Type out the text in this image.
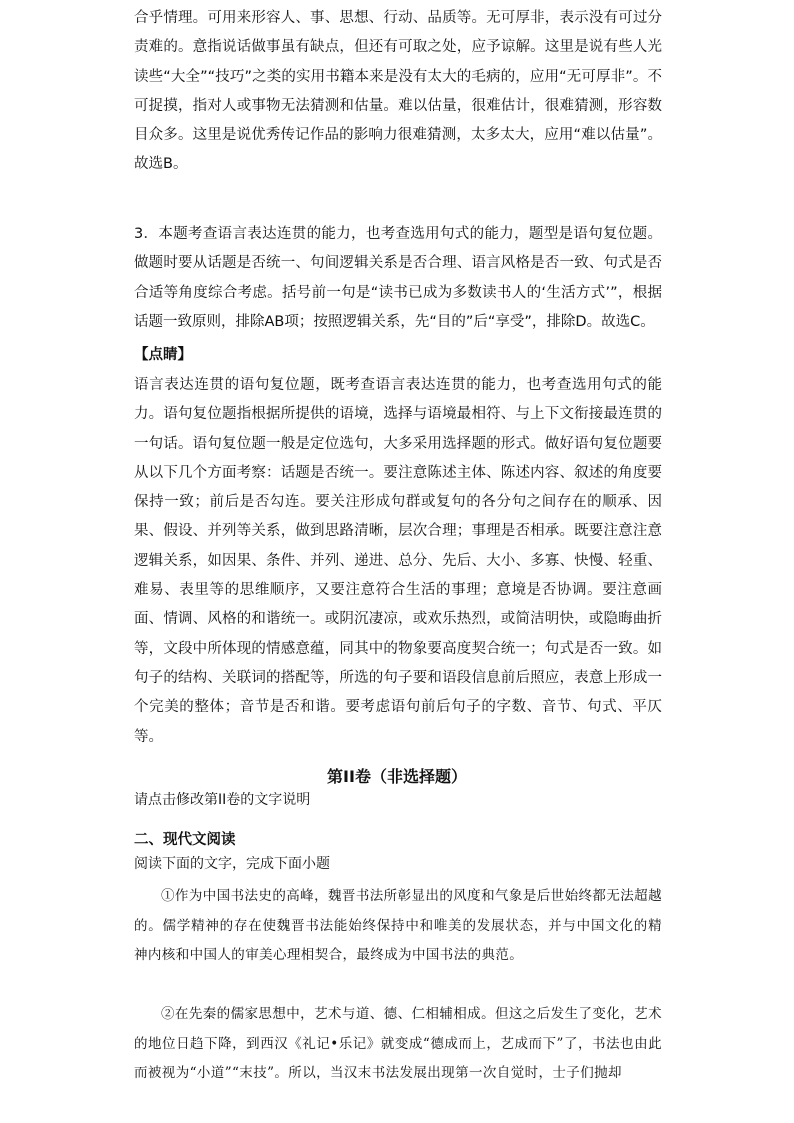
合乎情理。可用来形容人、事、思想、行动、品质等。无可厚非，表示没有可过分责难的。意指说话做事虽有缺点，但还有可取之处，应予谅解。这里是说有些人光读些“大全”“技巧”之类的实用书籍本来是没有太大的毛病的，应用“无可厚非”。不可捉摸，指对人或事物无法猜测和估量。难以估量，很难估计，很难猜测，形容数目众多。这里是说优秀传记作品的影响力很难猜测，太多太大，应用“难以估量”。故选B。

3．本题考查语言表达连贯的能力，也考查选用句式的能力，题型是语句复位题。做题时要从话题是否统一、句间逻辑关系是否合理、语言风格是否一致、句式是否合适等角度综合考虑。括号前一句是“读书已成为多数读书人的‘生活方式’”，根据话题一致原则，排除AB项；按照逻辑关系，先“目的”后“享受”，排除D。故选C。

【点睛】

语言表达连贯的语句复位题，既考查语言表达连贯的能力，也考查选用句式的能力。语句复位题指根据所提供的语境，选择与语境最相符、与上下文衔接最连贯的一句话。语句复位题一般是定位选句，大多采用选择题的形式。做好语句复位题要从以下几个方面考察：话题是否统一。要注意陈述主体、陈述内容、叙述的角度要保持一致；前后是否勾连。要关注形成句群或复句的各分句之间存在的顺承、因果、假设、并列等关系，做到思路清晰，层次合理；事理是否相承。既要注意注意逻辑关系，如因果、条件、并列、递进、总分、先后、大小、多寡、快慢、轻重、难易、表里等的思维顺序，又要注意符合生活的事理；意境是否协调。要注意画面、情调、风格的和谐统一。或阴沉凄凉，或欢乐热烈，或简洁明快，或隐晦曲折等，文段中所体现的情感意蕴，同其中的物象要高度契合统一；句式是否一致。如句子的结构、关联词的搭配等，所选的句子要和语段信息前后照应，表意上形成一个完美的整体；音节是否和谐。要考虑语句前后句子的字数、音节、句式、平仄等。

第II卷（非选择题）

请点击修改第II卷的文字说明

二、现代文阅读

阅读下面的文字，完成下面小题

①作为中国书法史的高峰，魏晋书法所彰显出的风度和气象是后世始终都无法超越的。儒学精神的存在使魏晋书法能始终保持中和唯美的发展状态，并与中国文化的精神内核和中国人的审美心理相契合，最终成为中国书法的典范。

②在先秦的儒家思想中，艺术与道、德、仁相辅相成。但这之后发生了变化，艺术的地位日趋下降，到西汉《礼记•乐记》就变成“德成而上，艺成而下”了，书法也由此而被视为“小道”“末技”。所以，当汉末书法发展出现第一次自觉时，士子们抛却
